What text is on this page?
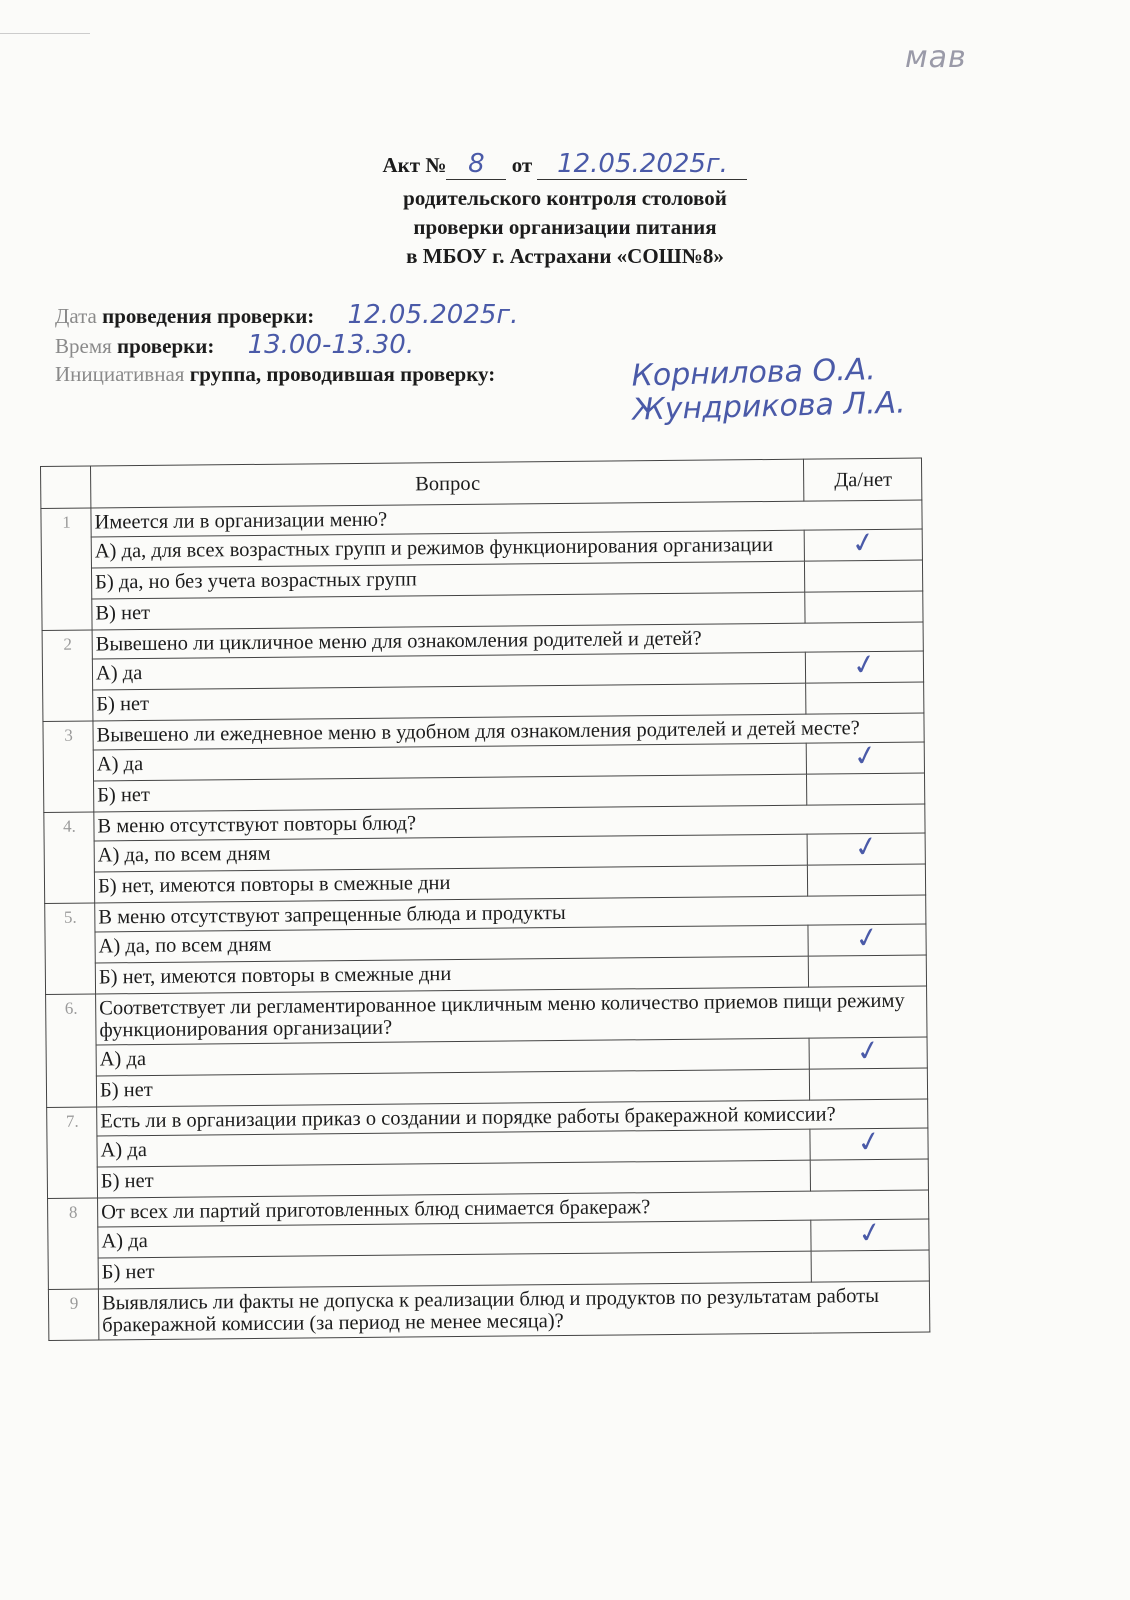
мав
Акт № 8 от 12.05.2025г.
родительского контроля столовой
проверки организации питания
в МБОУ г. Астрахани «СОШ№8»
Дата проведения проверки: 12.05.2025г.
Время проверки: 13.00-13.30.
Инициативная группа, проводившая проверку:	Корнилова О.А.
Жундрикова Л.А.
	Вопрос	Да/нет
1	Имеется ли в организации меню?	
	А) да, для всех возрастных групп и режимов функционирования организации	✓
	Б) да, но без учета возрастных групп	
	В) нет	
2	Вывешено ли цикличное меню для ознакомления родителей и детей?	
	А) да	✓
	Б) нет	
3	Вывешено ли ежедневное меню в удобном для ознакомления родителей и детей месте?	
	А) да	✓
	Б) нет	
4.	В меню отсутствуют повторы блюд?	
	А) да, по всем дням	✓
	Б) нет, имеются повторы в смежные дни	
5.	В меню отсутствуют запрещенные блюда и продукты	
	А) да, по всем дням	✓
	Б) нет, имеются повторы в смежные дни	
6.	Соответствует ли регламентированное цикличным меню количество приемов пищи режиму функционирования организации?	
	А) да	✓
	Б) нет	
7.	Есть ли в организации приказ о создании и порядке работы бракеражной комиссии?	
	А) да	✓
	Б) нет	
8	От всех ли партий приготовленных блюд снимается бракераж?	
	А) да	✓
	Б) нет	
9	Выявлялись ли факты не допуска к реализации блюд и продуктов по результатам работы бракеражной комиссии (за период не менее месяца)?	
